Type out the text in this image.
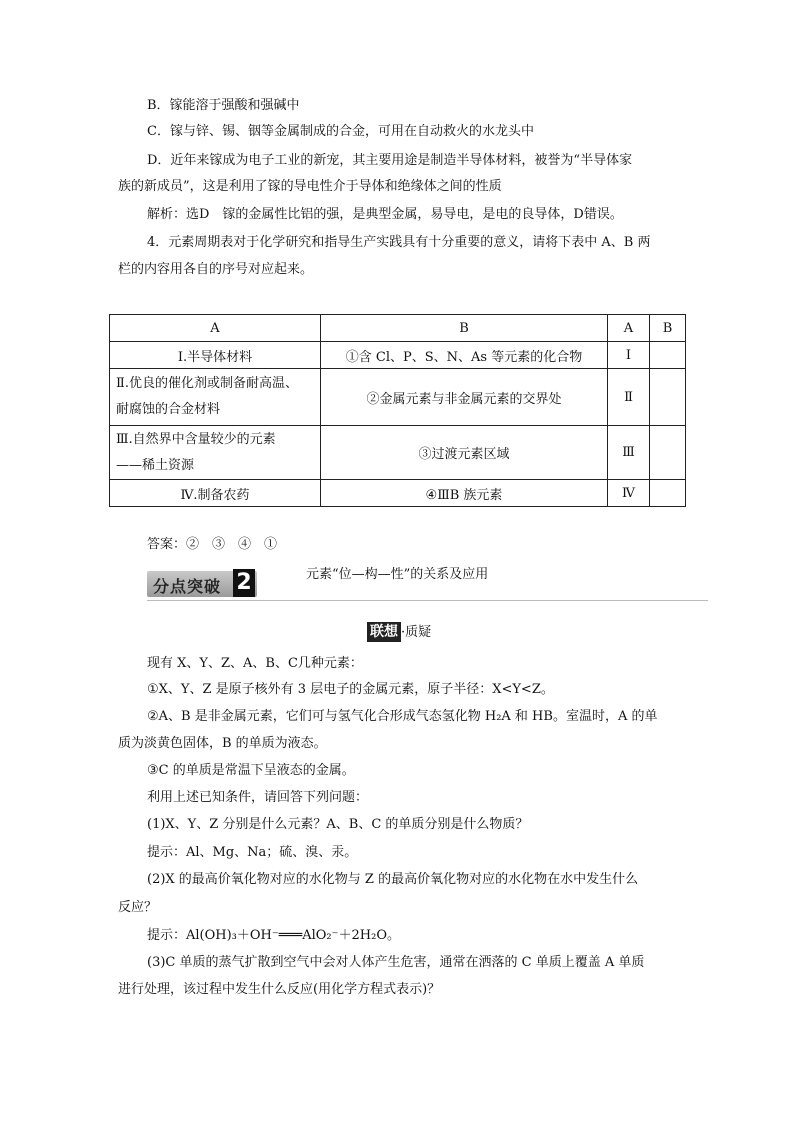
B．镓能溶于强酸和强碱中
C．镓与锌、锡、铟等金属制成的合金，可用在自动救火的水龙头中
D．近年来镓成为电子工业的新宠，其主要用途是制造半导体材料，被誉为“半导体家
族的新成员”，这是利用了镓的导电性介于导体和绝缘体之间的性质
解析：选D　镓的金属性比铝的强，是典型金属，易导电，是电的良导体，D错误。
4．元素周期表对于化学研究和指导生产实践具有十分重要的意义，请将下表中 A、B 两
栏的内容用各自的序号对应起来。
A	B	A	B
Ⅰ.半导体材料	①含 Cl、P、S、N、As 等元素的化合物	Ⅰ	
Ⅱ.优良的催化剂或制备耐高温、
耐腐蚀的合金材料	②金属元素与非金属元素的交界处	Ⅱ	
Ⅲ.自然界中含量较少的元素
——稀土资源	③过渡元素区域	Ⅲ	
Ⅳ.制备农药	④ⅢB 族元素	Ⅳ	
答案：②　③　④　①
分点突破 2	元素“位—构—性”的关系及应用
联想 ·质疑
现有 X、Y、Z、A、B、C几种元素：
①X、Y、Z 是原子核外有 3 层电子的金属元素，原子半径：X<Y<Z。
②A、B 是非金属元素，它们可与氢气化合形成气态氢化物 H₂A 和 HB。室温时，A 的单
质为淡黄色固体，B 的单质为液态。
③C 的单质是常温下呈液态的金属。
利用上述已知条件，请回答下列问题：
(1)X、Y、Z 分别是什么元素？A、B、C 的单质分别是什么物质？
提示：Al、Mg、Na；硫、溴、汞。
(2)X 的最高价氧化物对应的水化物与 Z 的最高价氧化物对应的水化物在水中发生什么
反应？
提示：Al(OH)₃＋OH⁻═══AlO₂⁻＋2H₂O。
(3)C 单质的蒸气扩散到空气中会对人体产生危害，通常在洒落的 C 单质上覆盖 A 单质
进行处理，该过程中发生什么反应(用化学方程式表示)？
